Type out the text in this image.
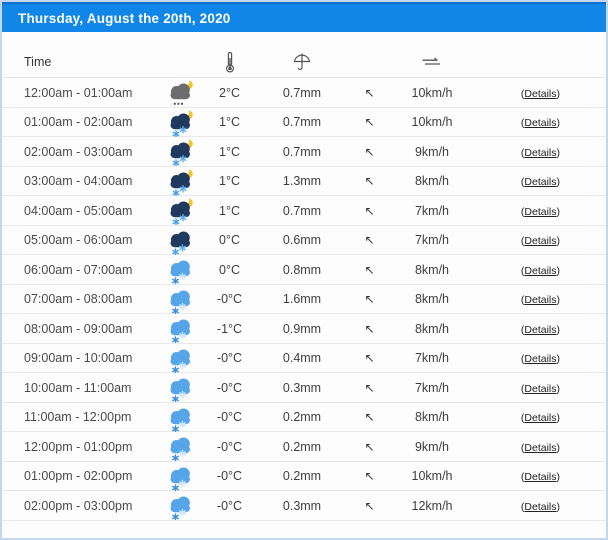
Thursday, August the 20th, 2020
Time
12:00am - 01:00am	2°C	0.7mm	↖	10km/h	(Details)
01:00am - 02:00am	1°C	0.7mm	↖	10km/h	(Details)
02:00am - 03:00am	1°C	0.7mm	↖	9km/h	(Details)
03:00am - 04:00am	1°C	1.3mm	↖	8km/h	(Details)
04:00am - 05:00am	1°C	0.7mm	↖	7km/h	(Details)
05:00am - 06:00am	0°C	0.6mm	↖	7km/h	(Details)
06:00am - 07:00am	0°C	0.8mm	↖	8km/h	(Details)
07:00am - 08:00am	-0°C	1.6mm	↖	8km/h	(Details)
08:00am - 09:00am	-1°C	0.9mm	↖	8km/h	(Details)
09:00am - 10:00am	-0°C	0.4mm	↖	7km/h	(Details)
10:00am - 11:00am	-0°C	0.3mm	↖	7km/h	(Details)
11:00am - 12:00pm	-0°C	0.2mm	↖	8km/h	(Details)
12:00pm - 01:00pm	-0°C	0.2mm	↖	9km/h	(Details)
01:00pm - 02:00pm	-0°C	0.2mm	↖	10km/h	(Details)
02:00pm - 03:00pm	-0°C	0.3mm	↖	12km/h	(Details)
